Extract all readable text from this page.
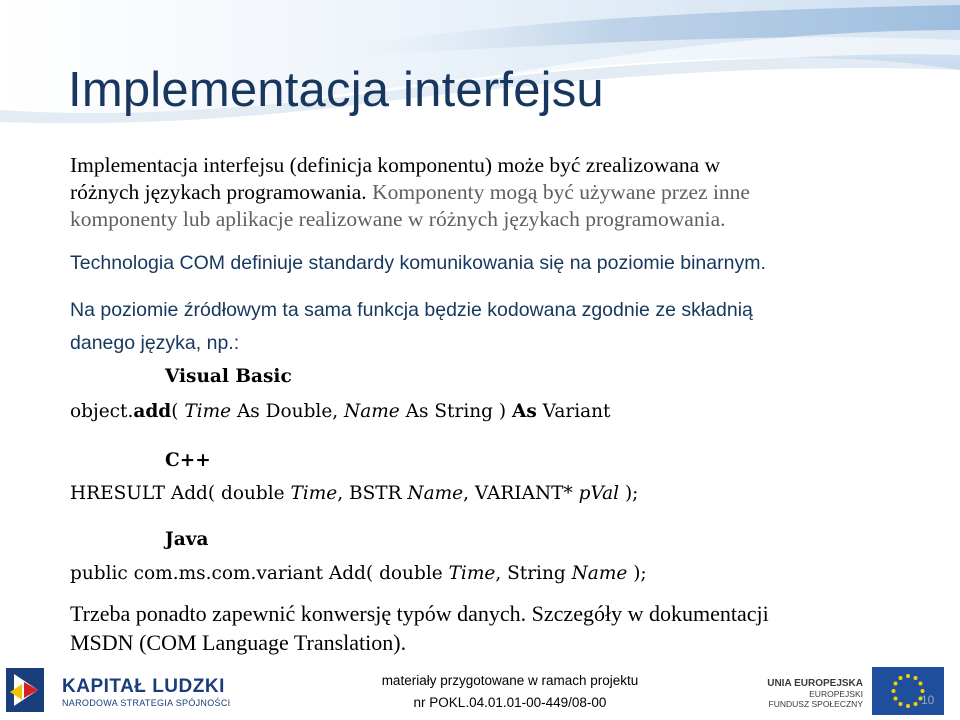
Implementacja interfejsu

Implementacja interfejsu (definicja komponentu) może być zrealizowana w

różnych językach programowania. Komponenty mogą być używane przez inne

komponenty lub aplikacje realizowane w różnych językach programowania.

Technologia COM definiuje standardy komunikowania się na poziomie binarnym.

Na poziomie źródłowym ta sama funkcja będzie kodowana zgodnie ze składnią

danego języka, np.:

Visual Basic

object.add( Time As Double, Name As String ) As Variant

C++

HRESULT Add( double Time, BSTR Name, VARIANT* pVal );

Java

public com.ms.com.variant Add( double Time, String Name );

Trzeba ponadto zapewnić konwersję typów danych. Szczegóły w dokumentacji

MSDN (COM Language Translation).

KAPITAŁ LUDZKI
NARODOWA STRATEGIA SPÓJNOŚCI
materiały przygotowane w ramach projektu
nr POKL.04.01.01-00-449/08-00
UNIA EUROPEJSKA
EUROPEJSKI
FUNDUSZ SPOŁECZNY	10
